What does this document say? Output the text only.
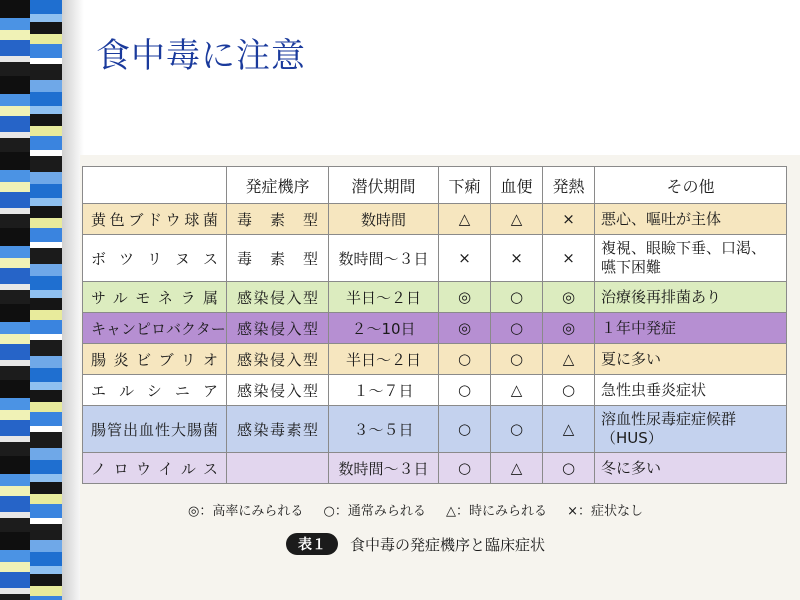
食中毒に注意
	発症機序	潜伏期間	下痢	血便	発熱	その他
黄色ブドウ球菌	毒素型	数時間	△	△	×	悪心、嘔吐が主体
ボツリヌス	毒素型	数時間～３日	×	×	×	複視、眼瞼下垂、口渇、嚥下困難
サルモネラ属	感染侵入型	半日～２日	◎	○	◎	治療後再排菌あり
キャンピロバクター	感染侵入型	２～10日	◎	○	◎	１年中発症
腸炎ビブリオ	感染侵入型	半日～２日	○	○	△	夏に多い
エルシニア	感染侵入型	１～７日	○	△	○	急性虫垂炎症状
腸管出血性大腸菌	感染毒素型	３～５日	○	○	△	溶血性尿毒症症候群（HUS）
ノロウイルス		数時間～３日	○	△	○	冬に多い
◎：高率にみられる ○：通常みられる △：時にみられる ×：症状なし
表１	食中毒の発症機序と臨床症状
